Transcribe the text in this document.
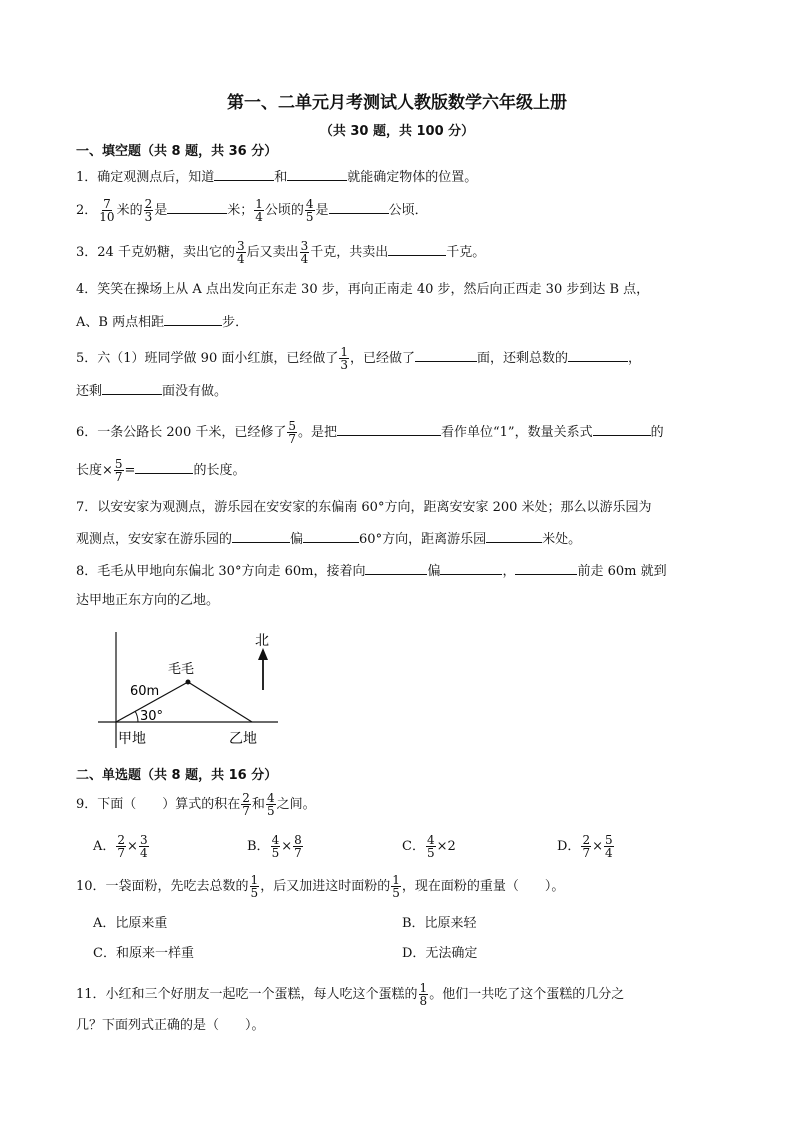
第一、二单元月考测试人教版数学六年级上册
（共 30 题，共 100 分）
一、填空题（共 8 题，共 36 分）
1．确定观测点后，知道	和	就能确定物体的位置。
2． $\frac{7}{10}$ 米的 $\frac{2}{3}$ 是	米； $\frac{1}{4}$ 公顷的 $\frac{4}{5}$ 是	公顷．
3．24 千克奶糖，卖出它的 $\frac{3}{4}$ 后又卖出 $\frac{3}{4}$ 千克，共卖出	千克。
4．笑笑在操场上从 A 点出发向正东走 30 步，再向正南走 40 步，然后向正西走 30 步到达 B 点，
A、B 两点相距	步．
5．六（1）班同学做 90 面小红旗，已经做了 $\frac{1}{3}$ ，已经做了	面，还剩总数的	，
还剩	面没有做。
6．一条公路长 200 千米，已经修了 $\frac{5}{7}$ 。是把	看作单位“1”，数量关系式	的
长度× $\frac{5}{7}$ =	的长度。
7．以安安家为观测点，游乐园在安安家的东偏南 60°方向，距离安安家 200 米处；那么以游乐园为
观测点，安安家在游乐园的	偏	60°方向，距离游乐园	米处。
8．毛毛从甲地向东偏北 30°方向走 60m，接着向	偏	，	前走 60m 就到
达甲地正东方向的乙地。
北
毛毛
60m
30°
甲地	乙地
二、单选题（共 8 题，共 16 分）
9．下面（　　）算式的积在 $\frac{2}{7}$ 和 $\frac{4}{5}$ 之间。
A． $\frac{2}{7} \times \frac{3}{4}$	B． $\frac{4}{5} \times \frac{8}{7}$	C． $\frac{4}{5} \times 2$	D． $\frac{2}{7} \times \frac{5}{4}$
10．一袋面粉，先吃去总数的 $\frac{1}{5}$ ，后又加进这时面粉的 $\frac{1}{5}$ ，现在面粉的重量（　　）。
A．比原来重	B．比原来轻
C．和原来一样重	D．无法确定
11．小红和三个好朋友一起吃一个蛋糕，每人吃这个蛋糕的 $\frac{1}{8}$ 。他们一共吃了这个蛋糕的几分之
几？下面列式正确的是（　　）。
